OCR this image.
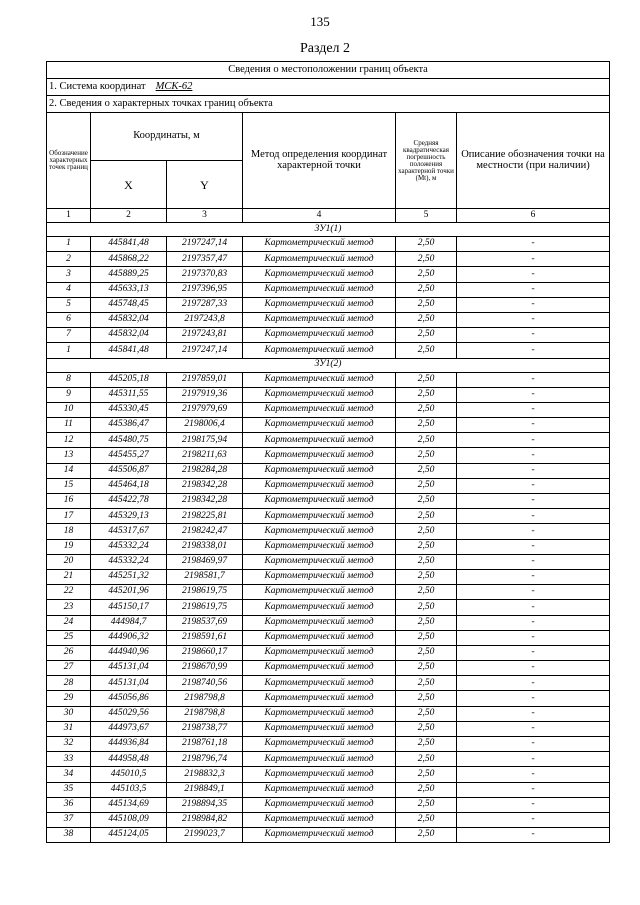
135
Раздел 2
Сведения о местоположении границ объекта					
1. Система координат МСК-62					
2. Сведения о характерных точках границ объекта					
Обозначение характерных точек границ	Координаты, м		Метод определения координат характерной точки	Средняя квадратическая погрешность положения характерной точки (Mt), м	Описание обозначения точки на местности (при наличии)
	X	Y			
1	2	3	4	5	6
ЗУ1(1)					
1	445841,48	2197247,14	Картометрический метод	2,50	-
2	445868,22	2197357,47	Картометрический метод	2,50	-
3	445889,25	2197370,83	Картометрический метод	2,50	-
4	445633,13	2197396,95	Картометрический метод	2,50	-
5	445748,45	2197287,33	Картометрический метод	2,50	-
6	445832,04	2197243,8	Картометрический метод	2,50	-
7	445832,04	2197243,81	Картометрический метод	2,50	-
1	445841,48	2197247,14	Картометрический метод	2,50	-
ЗУ1(2)					
8	445205,18	2197859,01	Картометрический метод	2,50	-
9	445311,55	2197919,36	Картометрический метод	2,50	-
10	445330,45	2197979,69	Картометрический метод	2,50	-
11	445386,47	2198006,4	Картометрический метод	2,50	-
12	445480,75	2198175,94	Картометрический метод	2,50	-
13	445455,27	2198211,63	Картометрический метод	2,50	-
14	445506,87	2198284,28	Картометрический метод	2,50	-
15	445464,18	2198342,28	Картометрический метод	2,50	-
16	445422,78	2198342,28	Картометрический метод	2,50	-
17	445329,13	2198225,81	Картометрический метод	2,50	-
18	445317,67	2198242,47	Картометрический метод	2,50	-
19	445332,24	2198338,01	Картометрический метод	2,50	-
20	445332,24	2198469,97	Картометрический метод	2,50	-
21	445251,32	2198581,7	Картометрический метод	2,50	-
22	445201,96	2198619,75	Картометрический метод	2,50	-
23	445150,17	2198619,75	Картометрический метод	2,50	-
24	444984,7	2198537,69	Картометрический метод	2,50	-
25	444906,32	2198591,61	Картометрический метод	2,50	-
26	444940,96	2198660,17	Картометрический метод	2,50	-
27	445131,04	2198670,99	Картометрический метод	2,50	-
28	445131,04	2198740,56	Картометрический метод	2,50	-
29	445056,86	2198798,8	Картометрический метод	2,50	-
30	445029,56	2198798,8	Картометрический метод	2,50	-
31	444973,67	2198738,77	Картометрический метод	2,50	-
32	444936,84	2198761,18	Картометрический метод	2,50	-
33	444958,48	2198796,74	Картометрический метод	2,50	-
34	445010,5	2198832,3	Картометрический метод	2,50	-
35	445103,5	2198849,1	Картометрический метод	2,50	-
36	445134,69	2198894,35	Картометрический метод	2,50	-
37	445108,09	2198984,82	Картометрический метод	2,50	-
38	445124,05	2199023,7	Картометрический метод	2,50	-
